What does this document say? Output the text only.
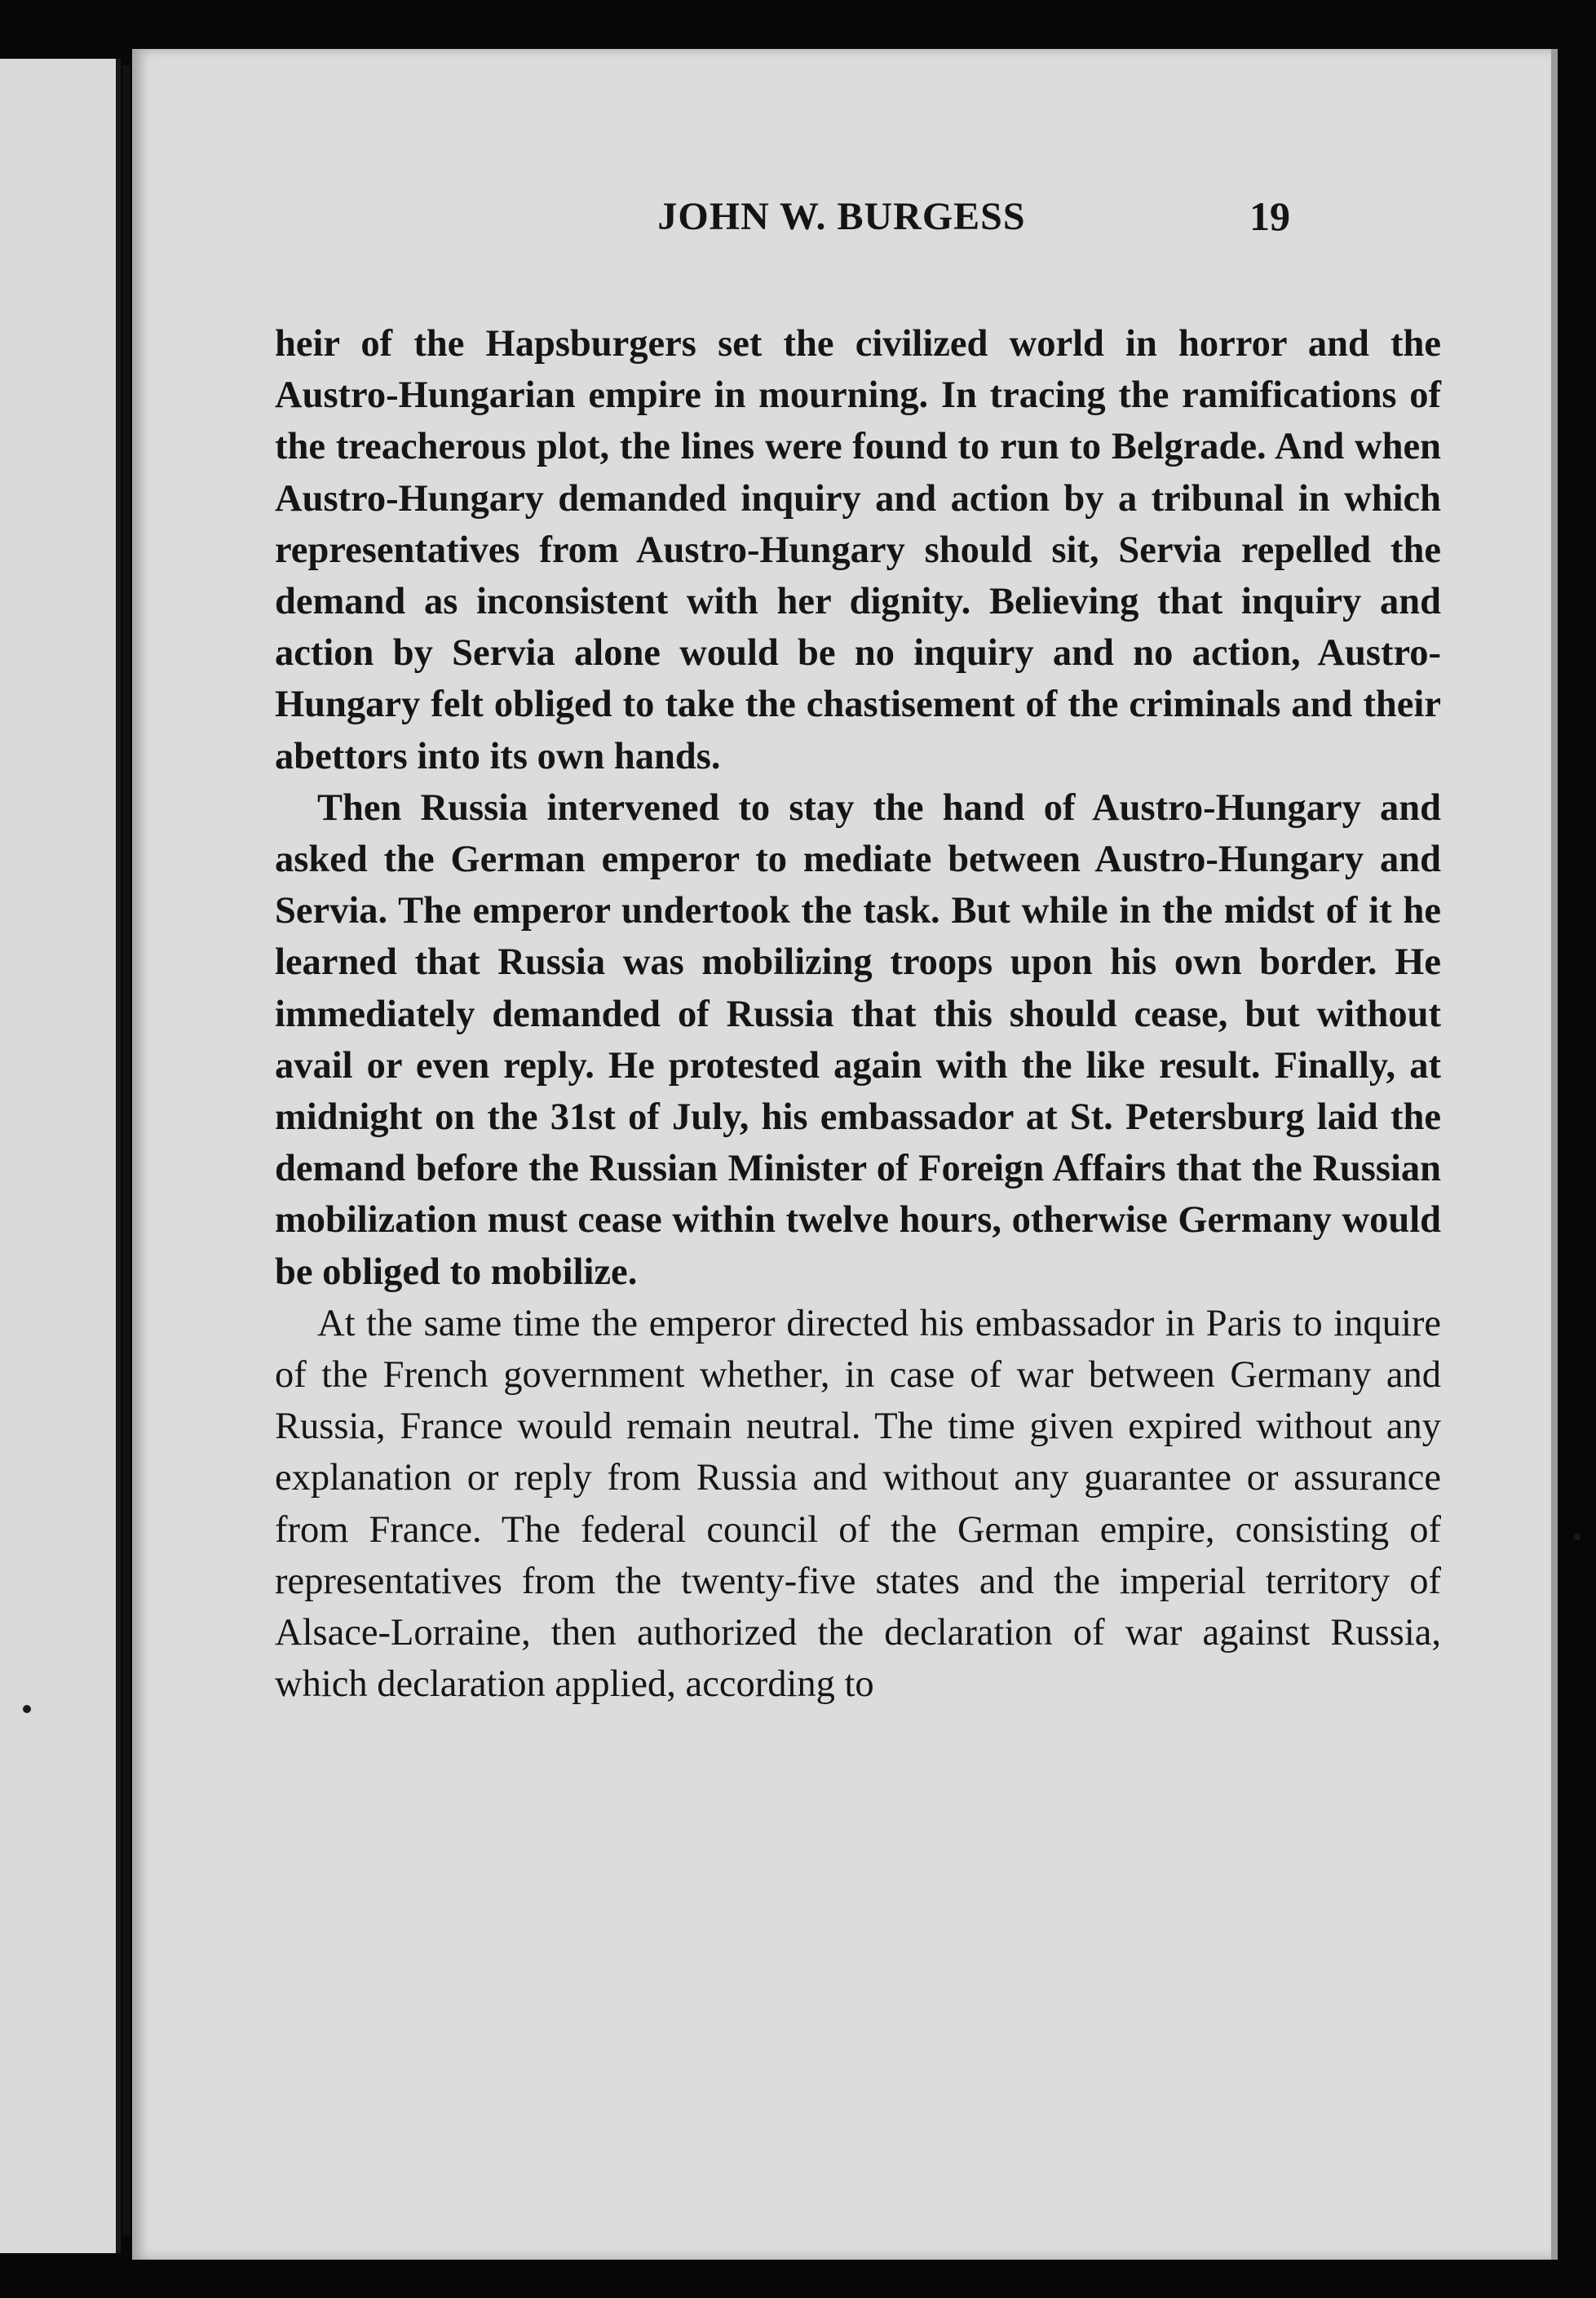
JOHN W. BURGESS	19

heir of the Hapsburgers set the civilized world in horror and the Austro-Hungarian empire in mourning. In tracing the ramifications of the treacherous plot, the lines were found to run to Belgrade. And when Austro-Hungary demanded inquiry and action by a tribunal in which representatives from Austro-Hungary should sit, Servia repelled the demand as inconsistent with her dignity. Believing that inquiry and action by Servia alone would be no inquiry and no action, Austro-Hungary felt obliged to take the chastisement of the criminals and their abettors into its own hands.

Then Russia intervened to stay the hand of Austro-Hungary and asked the German emperor to mediate between Austro-Hungary and Servia. The emperor undertook the task. But while in the midst of it he learned that Russia was mobilizing troops upon his own border. He immediately demanded of Russia that this should cease, but without avail or even reply. He protested again with the like result. Finally, at midnight on the 31st of July, his embassador at St. Petersburg laid the demand before the Russian Minister of Foreign Affairs that the Russian mobilization must cease within twelve hours, otherwise Germany would be obliged to mobilize.

At the same time the emperor directed his embassador in Paris to inquire of the French government whether, in case of war between Germany and Russia, France would remain neutral. The time given expired without any explanation or reply from Russia and without any guarantee or assurance from France. The federal council of the German empire, consisting of representatives from the twenty-five states and the imperial territory of Alsace-Lorraine, then authorized the declaration of war against Russia, which declaration applied, according to
